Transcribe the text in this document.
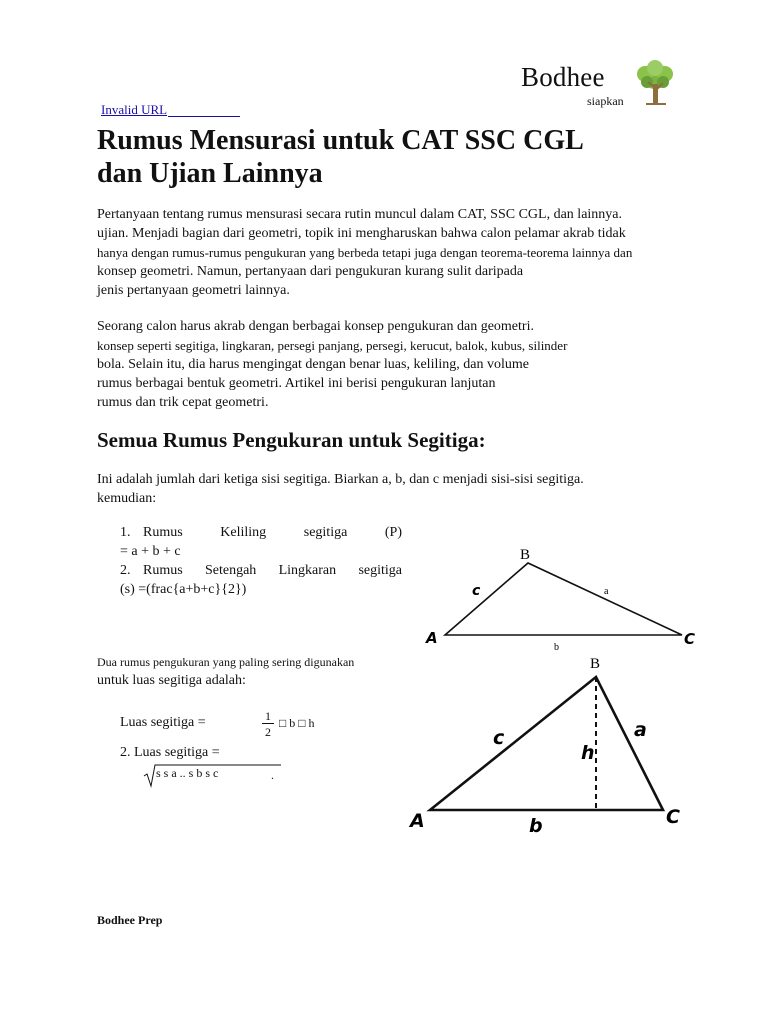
Bodhee
siapkan
Invalid URL
Rumus Mensurasi untuk CAT SSC CGL
dan Ujian Lainnya
Pertanyaan tentang rumus mensurasi secara rutin muncul dalam CAT, SSC CGL, dan lainnya.
ujian. Menjadi bagian dari geometri, topik ini mengharuskan bahwa calon pelamar akrab tidak
hanya dengan rumus-rumus pengukuran yang berbeda tetapi juga dengan teorema-teorema lainnya dan
konsep geometri. Namun, pertanyaan dari pengukuran kurang sulit daripada
jenis pertanyaan geometri lainnya.
Seorang calon harus akrab dengan berbagai konsep pengukuran dan geometri.
konsep seperti segitiga, lingkaran, persegi panjang, persegi, kerucut, balok, kubus, silinder
bola. Selain itu, dia harus mengingat dengan benar luas, keliling, dan volume
rumus berbagai bentuk geometri. Artikel ini berisi pengukuran lanjutan
rumus dan trik cepat geometri.
Semua Rumus Pengukuran untuk Segitiga:
Ini adalah jumlah dari ketiga sisi segitiga. Biarkan a, b, dan c menjadi sisi-sisi segitiga.
kemudian:
1. Rumus Keliling segitiga (P)
= a + b + c
2. Rumus Setengah Lingkaran segitiga
(s) =(frac{a+b+c}{2})
B
A	C
c	a
b
Dua rumus pengukuran yang paling sering digunakan
untuk luas segitiga adalah:
Luas segitiga =	1
2
□ b □ h
2. Luas segitiga =
s s a .. s b s c	.
B
A	C
c	a
h
b
Bodhee Prep
